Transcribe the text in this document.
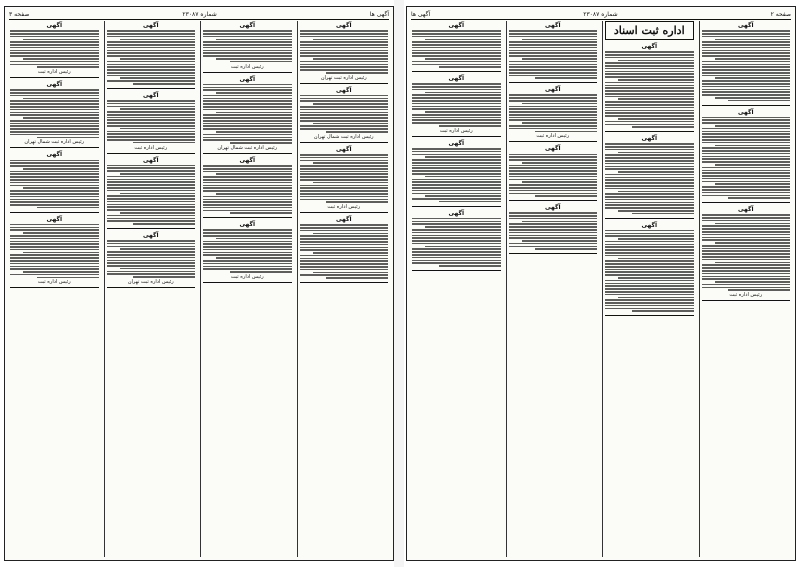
آگهی ها
شماره ۲۳۰۸۷
صفحه ۳
آگهی
رئیس اداره ثبت تهران
آگهی
رئیس اداره ثبت شمال تهران
آگهی
رئیس اداره ثبت
آگهی
آگهی
رئیس اداره ثبت
آگهی
رئیس اداره ثبت شمال تهران
آگهی
آگهی
رئیس اداره ثبت
آگهی
آگهی
رئیس اداره ثبت
آگهی
آگهی
رئیس اداره ثبت تهران
آگهی
رئیس اداره ثبت
آگهی
رئیس اداره ثبت شمال تهران
آگهی
آگهی
رئیس اداره ثبت
صفحه ۲
شماره ۲۳۰۸۷
آگهی ها
آگهی
آگهی
آگهی
رئیس اداره ثبت
اداره ثبت اسناد
آگهی
آگهی
آگهی
آگهی
آگهی
رئیس اداره ثبت
آگهی
آگهی
آگهی
آگهی
رئیس اداره ثبت
آگهی
آگهی
